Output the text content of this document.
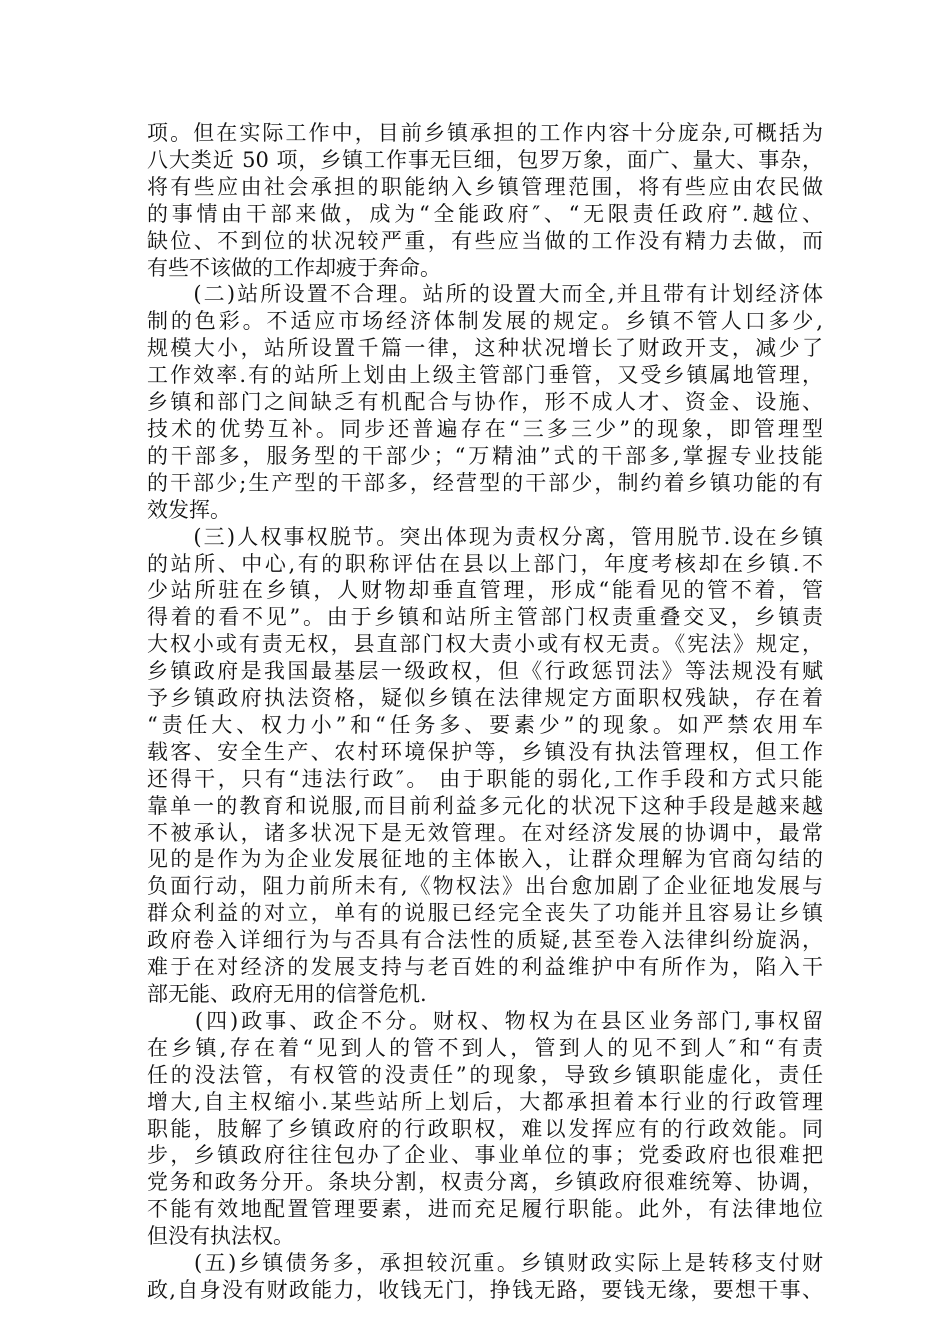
项。但在实际工作中，目前乡镇承担的工作内容十分庞杂,可概括为
八大类近 50 项，乡镇工作事无巨细，包罗万象，面广、量大、事杂，
将有些应由社会承担的职能纳入乡镇管理范围，将有些应由农民做
的事情由干部来做，成为“全能政府″、“无限责任政府”.越位、
缺位、不到位的状况较严重，有些应当做的工作没有精力去做，而
有些不该做的工作却疲于奔命。
　　(二)站所设置不合理。站所的设置大而全,并且带有计划经济体
制的色彩。不适应市场经济体制发展的规定。乡镇不管人口多少,
规模大小，站所设置千篇一律，这种状况增长了财政开支，减少了
工作效率.有的站所上划由上级主管部门垂管，又受乡镇属地管理，
乡镇和部门之间缺乏有机配合与协作，形不成人才、资金、设施、
技术的优势互补。同步还普遍存在“三多三少”的现象，即管理型
的干部多，服务型的干部少；“万精油”式的干部多,掌握专业技能
的干部少;生产型的干部多，经营型的干部少，制约着乡镇功能的有
效发挥。
　　(三)人权事权脱节。突出体现为责权分离，管用脱节.设在乡镇
的站所、中心,有的职称评估在县以上部门，年度考核却在乡镇.不
少站所驻在乡镇，人财物却垂直管理，形成“能看见的管不着，管
得着的看不见”。由于乡镇和站所主管部门权责重叠交叉，乡镇责
大权小或有责无权，县直部门权大责小或有权无责。《宪法》规定，
乡镇政府是我国最基层一级政权，但《行政惩罚法》等法规没有赋
予乡镇政府执法资格，疑似乡镇在法律规定方面职权残缺，存在着
“责任大、权力小”和“任务多、要素少”的现象。如严禁农用车
载客、安全生产、农村环境保护等，乡镇没有执法管理权，但工作
还得干，只有“违法行政″。 由于职能的弱化,工作手段和方式只能
靠单一的教育和说服,而目前利益多元化的状况下这种手段是越来越
不被承认，诸多状况下是无效管理。在对经济发展的协调中，最常
见的是作为为企业发展征地的主体嵌入，让群众理解为官商勾结的
负面行动，阻力前所未有,《物权法》出台愈加剧了企业征地发展与
群众利益的对立，单有的说服已经完全丧失了功能并且容易让乡镇
政府卷入详细行为与否具有合法性的质疑,甚至卷入法律纠纷旋涡，
难于在对经济的发展支持与老百姓的利益维护中有所作为，陷入干
部无能、政府无用的信誉危机.
　　(四)政事、政企不分。财权、物权为在县区业务部门,事权留
在乡镇,存在着“见到人的管不到人，管到人的见不到人″和“有责
任的没法管，有权管的没责任”的现象，导致乡镇职能虚化，责任
增大,自主权缩小.某些站所上划后，大都承担着本行业的行政管理
职能，肢解了乡镇政府的行政职权，难以发挥应有的行政效能。同
步，乡镇政府往往包办了企业、事业单位的事；党委政府也很难把
党务和政务分开。条块分割，权责分离，乡镇政府很难统筹、协调，
不能有效地配置管理要素，进而充足履行职能。此外，有法律地位
但没有执法权。
　　(五)乡镇债务多，承担较沉重。乡镇财政实际上是转移支付财
政,自身没有财政能力，收钱无门，挣钱无路，要钱无缘，要想干事、
